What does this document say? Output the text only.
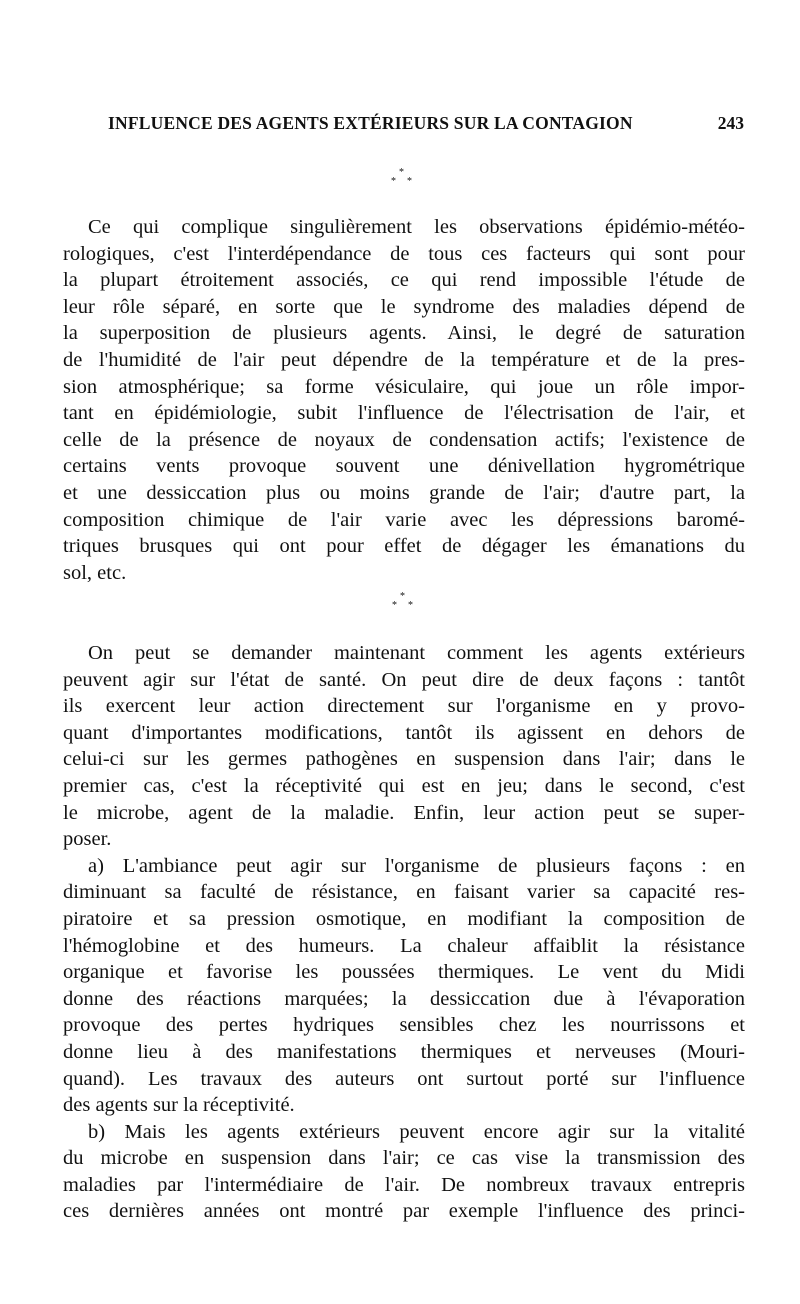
INFLUENCE DES AGENTS EXTÉRIEURS SUR LA CONTAGION	243
*
* *
Ce qui complique singulièrement les observations épidémio-météo-
rologiques, c'est l'interdépendance de tous ces facteurs qui sont pour
la plupart étroitement associés, ce qui rend impossible l'étude de
leur rôle séparé, en sorte que le syndrome des maladies dépend de
la superposition de plusieurs agents. Ainsi, le degré de saturation
de l'humidité de l'air peut dépendre de la température et de la pres-
sion atmosphérique; sa forme vésiculaire, qui joue un rôle impor-
tant en épidémiologie, subit l'influence de l'électrisation de l'air, et
celle de la présence de noyaux de condensation actifs; l'existence de
certains vents provoque souvent une dénivellation hygrométrique
et une dessiccation plus ou moins grande de l'air; d'autre part, la
composition chimique de l'air varie avec les dépressions baromé-
triques brusques qui ont pour effet de dégager les émanations du
sol, etc.
*
* *
On peut se demander maintenant comment les agents extérieurs
peuvent agir sur l'état de santé. On peut dire de deux façons : tantôt
ils exercent leur action directement sur l'organisme en y provo-
quant d'importantes modifications, tantôt ils agissent en dehors de
celui-ci sur les germes pathogènes en suspension dans l'air; dans le
premier cas, c'est la réceptivité qui est en jeu; dans le second, c'est
le microbe, agent de la maladie. Enfin, leur action peut se super-
poser.
a) L'ambiance peut agir sur l'organisme de plusieurs façons : en
diminuant sa faculté de résistance, en faisant varier sa capacité res-
piratoire et sa pression osmotique, en modifiant la composition de
l'hémoglobine et des humeurs. La chaleur affaiblit la résistance
organique et favorise les poussées thermiques. Le vent du Midi
donne des réactions marquées; la dessiccation due à l'évaporation
provoque des pertes hydriques sensibles chez les nourrissons et
donne lieu à des manifestations thermiques et nerveuses (Mouri-
quand). Les travaux des auteurs ont surtout porté sur l'influence
des agents sur la réceptivité.
b) Mais les agents extérieurs peuvent encore agir sur la vitalité
du microbe en suspension dans l'air; ce cas vise la transmission des
maladies par l'intermédiaire de l'air. De nombreux travaux entrepris
ces dernières années ont montré par exemple l'influence des princi-
